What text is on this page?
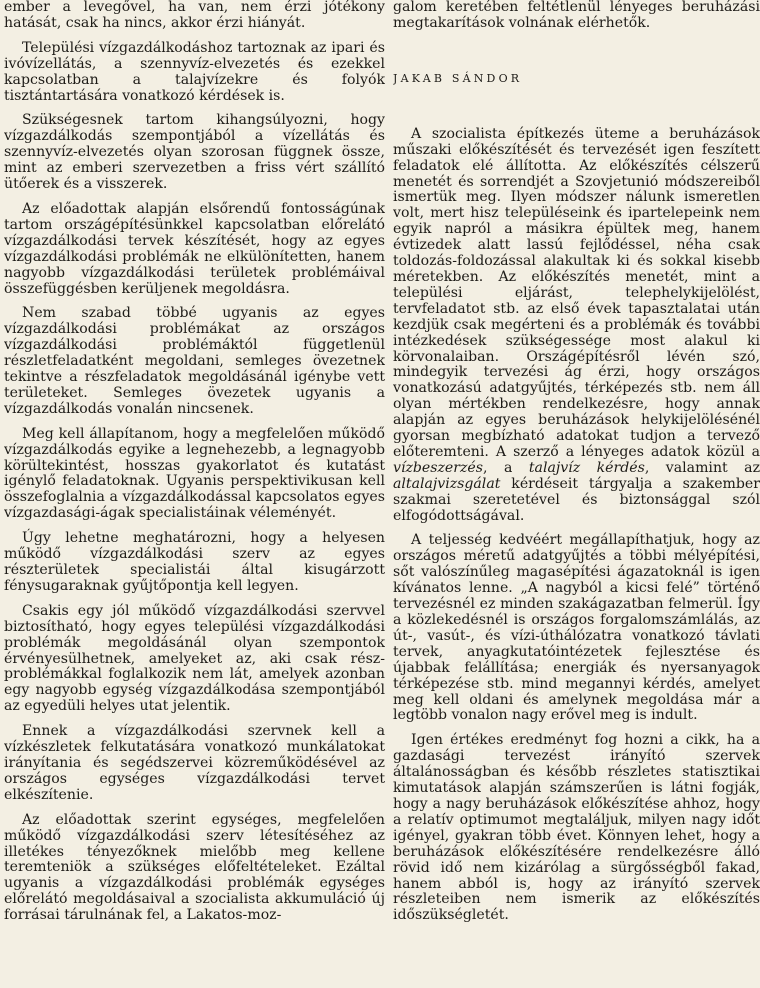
ember a levegővel, ha van, nem érzi jótékony hatását, csak ha nincs, akkor érzi hiányát.

Települési vízgazdálkodáshoz tartoznak az ipari és ivóvízellátás, a szennyvíz-elvezetés és ezekkel kapcsolatban a talajvízekre és folyók tisztántartására vonatkozó kérdések is.

Szükségesnek tartom kihangsúlyozni, hogy vízgazdálkodás szempontjából a vízellátás és szennyvíz-elvezetés olyan szorosan függnek össze, mint az emberi szervezetben a friss vért szállító ütőerek és a visszerek.

Az előadottak alapján elsőrendű fontosságúnak tartom országépítésünkkel kapcsolatban előrelátó vízgazdálkodási tervek készítését, hogy az egyes vízgazdálkodási problémák ne elkülönítetten, hanem nagyobb vízgazdálkodási területek problémáival összefüggésben kerüljenek megoldásra.

Nem szabad többé ugyanis az egyes vízgazdálkodási problémákat az országos vízgazdálkodási problémáktól függetlenül részletfeladatként megoldani, semleges övezetnek tekintve a részfeladatok megoldásánál igénybe vett területeket. Semleges övezetek ugyanis a vízgazdálkodás vonalán nincsenek.

Meg kell állapítanom, hogy a megfelelően működő vízgazdálkodás egyike a legnehezebb, a legnagyobb körültekintést, hosszas gyakorlatot és kutatást igénylő feladatoknak. Ugyanis perspektivikusan kell összefoglalnia a vízgazdálkodással kapcsolatos egyes vízgazdasági-ágak specialistáinak véleményét.

Úgy lehetne meghatározni, hogy a helyesen működő vízgazdálkodási szerv az egyes részterületek specialistái által kisugárzott fénysugaraknak gyűjtőpontja kell legyen.

Csakis egy jól működő vízgazdálkodási szervvel biztosítható, hogy egyes települési vízgazdálkodási problémák megoldásánál olyan szempontok érvényesülhetnek, amelyeket az, aki csak rész-problémákkal foglalkozik nem lát, amelyek azonban egy nagyobb egység vízgazdálkodása szempontjából az egyedüli helyes utat jelentik.

Ennek a vízgazdálkodási szervnek kell a vízkészletek felkutatására vonatkozó munkálatokat irányítania és segédszervei közreműködésével az országos egységes vízgazdálkodási tervet elkészítenie.

Az előadottak szerint egységes, megfelelően működő vízgazdálkodási szerv létesítéséhez az illetékes tényezőknek mielőbb meg kellene teremteniök a szükséges előfeltételeket. Ezáltal ugyanis a vízgazdálkodási problémák egységes előrelátó megoldásaival a szocialista akkumuláció új forrásai tárulnának fel, a Lakatos-moz-

galom keretében feltétlenül lényeges beruházási megtakarítások volnának elérhetők.

JAKAB SÁNDOR

A szocialista építkezés üteme a beruházások műszaki előkészítését és tervezését igen feszített feladatok elé állította. Az előkészítés célszerű menetét és sorrendjét a Szovjetunió módszereiből ismertük meg. Ilyen módszer nálunk ismeretlen volt, mert hisz településeink és ipartelepeink nem egyik napról a másikra épültek meg, hanem évtizedek alatt lassú fejlődéssel, néha csak toldozás-foldozással alakultak ki és sokkal kisebb méretekben. Az előkészítés menetét, mint a települési eljárást, telephelykijelölést, tervfeladatot stb. az első évek tapasztalatai után kezdjük csak megérteni és a problémák és további intézkedések szükségessége most alakul ki körvonalaiban. Országépítésről lévén szó, mindegyik tervezési ág érzi, hogy országos vonatkozású adatgyűjtés, térképezés stb. nem áll olyan mértékben rendelkezésre, hogy annak alapján az egyes beruházások helykijelölésénél gyorsan megbízható adatokat tudjon a tervező előteremteni. A szerző a lényeges adatok közül a vízbeszerzés, a talajvíz kérdés, valamint az altalajvizsgálat kérdéseit tárgyalja a szakember szakmai szeretetével és biztonsággal szól elfogódottságával.

A teljesség kedvéért megállapíthatjuk, hogy az országos méretű adatgyűjtés a többi mélyépítési, sőt valószínűleg magasépítési ágazatoknál is igen kívánatos lenne. „A nagyból a kicsi felé” történő tervezésnél ez minden szakágazatban felmerül. Így a közlekedésnél is országos forgalomszámlálás, az út-, vasút-, és vízi-úthálózatra vonatkozó távlati tervek, anyagkutatóintézetek fejlesztése és újabbak felállítása; energiák és nyersanyagok térképezése stb. mind megannyi kérdés, amelyet meg kell oldani és amelynek megoldása már a legtöbb vonalon nagy erővel meg is indult.

Igen értékes eredményt fog hozni a cikk, ha a gazdasági tervezést irányító szervek általánosságban és később részletes statisztikai kimutatások alapján számszerűen is látni fogják, hogy a nagy beruházások előkészítése ahhoz, hogy a relatív optimumot megtaláljuk, milyen nagy időt igényel, gyakran több évet. Könnyen lehet, hogy a beruházások előkészítésére rendelkezésre álló rövid idő nem kizárólag a sürgősségből fakad, hanem abból is, hogy az irányító szervek részleteiben nem ismerik az előkészítés időszükségletét.
